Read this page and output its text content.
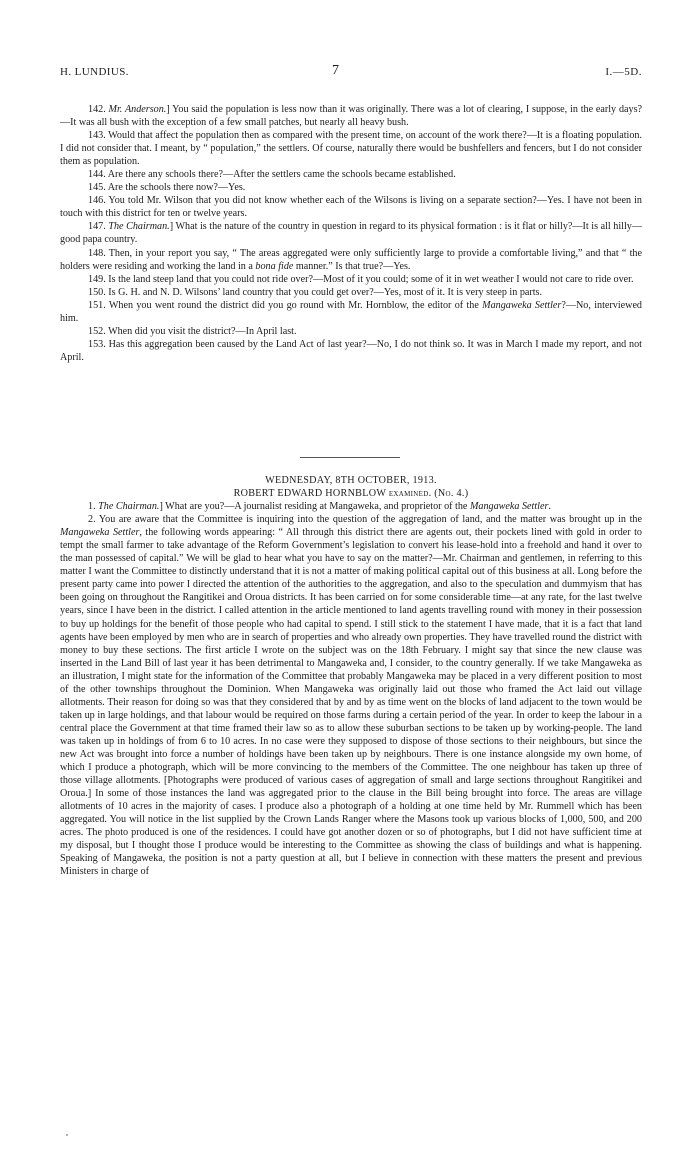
H. LUNDIUS.	7	I.—5D.

142. Mr. Anderson.] You said the population is less now than it was originally. There was a lot of clearing, I suppose, in the early days?—It was all bush with the exception of a few small patches, but nearly all heavy bush.

143. Would that affect the population then as compared with the present time, on account of the work there?—It is a floating population. I did not consider that. I meant, by “ population,” the settlers. Of course, naturally there would be bushfellers and fencers, but I do not consider them as population.

144. Are there any schools there?—After the settlers came the schools became established.

145. Are the schools there now?—Yes.

146. You told Mr. Wilson that you did not know whether each of the Wilsons is living on a separate section?—Yes. I have not been in touch with this district for ten or twelve years.

147. The Chairman.] What is the nature of the country in question in regard to its physical formation : is it flat or hilly?—It is all hilly—good papa country.

148. Then, in your report you say, “ The areas aggregated were only sufficiently large to provide a comfortable living,” and that “ the holders were residing and working the land in a bona fide manner.” Is that true?—Yes.

149. Is the land steep land that you could not ride over?—Most of it you could; some of it in wet weather I would not care to ride over.

150. Is G. H. and N. D. Wilsons’ land country that you could get over?—Yes, most of it. It is very steep in parts.

151. When you went round the district did you go round with Mr. Hornblow, the editor of the Mangaweka Settler?—No, interviewed him.

152. When did you visit the district?—In April last.

153. Has this aggregation been caused by the Land Act of last year?—No, I do not think so. It was in March I made my report, and not April.

WEDNESDAY, 8TH OCTOBER, 1913.

ROBERT EDWARD HORNBLOW examined. (No. 4.)

1. The Chairman.] What are you?—A journalist residing at Mangaweka, and proprietor of the Mangaweka Settler.

2. You are aware that the Committee is inquiring into the question of the aggregation of land, and the matter was brought up in the Mangaweka Settler, the following words appearing: “ All through this district there are agents out, their pockets lined with gold in order to tempt the small farmer to take advantage of the Reform Government’s legislation to convert his lease-hold into a freehold and hand it over to the man possessed of capital.” We will be glad to hear what you have to say on the matter?—Mr. Chairman and gentlemen, in referring to this matter I want the Committee to distinctly understand that it is not a matter of making political capital out of this business at all. Long before the present party came into power I directed the attention of the authorities to the aggregation, and also to the speculation and dummyism that has been going on throughout the Rangitikei and Oroua districts. It has been carried on for some considerable time—at any rate, for the last twelve years, since I have been in the district. I called attention in the article mentioned to land agents travelling round with money in their possession to buy up holdings for the benefit of those people who had capital to spend. I still stick to the statement I have made, that it is a fact that land agents have been employed by men who are in search of properties and who already own properties. They have travelled round the district with money to buy these sections. The first article I wrote on the subject was on the 18th February. I might say that since the new clause was inserted in the Land Bill of last year it has been detrimental to Mangaweka and, I consider, to the country generally. If we take Mangaweka as an illustration, I might state for the information of the Committee that probably Mangaweka may be placed in a very different position to most of the other townships throughout the Dominion. When Mangaweka was originally laid out those who framed the Act laid out village allotments. Their reason for doing so was that they considered that by and by as time went on the blocks of land adjacent to the town would be taken up in large holdings, and that labour would be required on those farms during a certain period of the year. In order to keep the labour in a central place the Government at that time framed their law so as to allow these suburban sections to be taken up by working-people. The land was taken up in holdings of from 6 to 10 acres. In no case were they supposed to dispose of those sections to their neighbours, but since the new Act was brought into force a number of holdings have been taken up by neighbours. There is one instance alongside my own home, of which I produce a photograph, which will be more convincing to the members of the Committee. The one neighbour has taken up three of those village allotments. [Photographs were produced of various cases of aggregation of small and large sections throughout Rangitikei and Oroua.] In some of those instances the land was aggregated prior to the clause in the Bill being brought into force. The areas are village allotments of 10 acres in the majority of cases. I produce also a photograph of a holding at one time held by Mr. Rummell which has been aggregated. You will notice in the list supplied by the Crown Lands Ranger where the Masons took up various blocks of 1,000, 500, and 200 acres. The photo produced is one of the residences. I could have got another dozen or so of photographs, but I did not have sufficient time at my disposal, but I thought those I produce would be interesting to the Committee as showing the class of buildings and what is happening. Speaking of Mangaweka, the position is not a party question at all, but I believe in connection with these matters the present and previous Ministers in charge of
